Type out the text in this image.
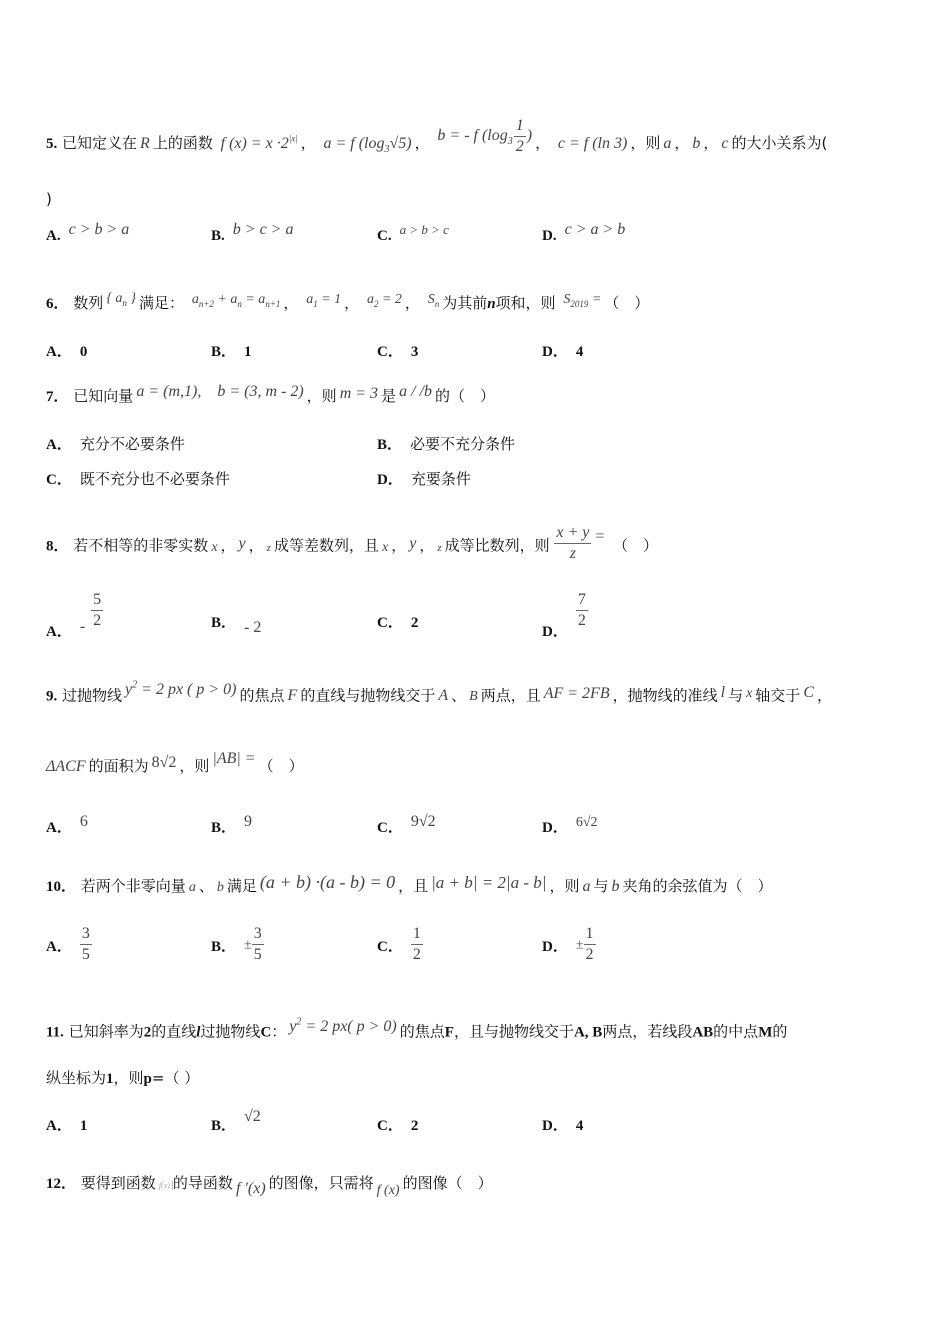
5. 已知定义在 R 上的函数 f $(x) = x \cdot 2^{|x|}$ ， a = f $(\log_3√5)$ ， b = - f ($\log_3 \frac{1}{2}$ ) ， c = f (ln 3) ，则 a ， b ， c 的大小关系为(
)
A. c > b > a	B. b > c > a	C. a > b > c	D. c > a > b
6． 数列 { $a_n$ } 满足： $a_{n+2} + a_n = a_{n+1}$ ， $a_1 = 1$ ， $a_2 = 2$ ， $S_n$ 为其前n项和，则 $S_{2019}$ = （　）
A． 0	B． 1	C． 3	D． 4
7． 已知向量 a = (m,1),　b = (3, m - 2) ，则 m = 3 是 a / /b 的（　）
A． 充分不必要条件	B． 必要不充分条件
C． 既不充分也不必要条件	D． 充要条件
8． 若不相等的非零实数 x ， y ， z 成等差数列，且 x ， y ， z 成等比数列，则 $\frac{x + y}{z}$ = （　）
A． - $\frac{5}{2}$	B． - 2	C． 2
D．
$\frac{7}{2}$
9. 过抛物线 $y^2 = 2$ px ( p > 0) 的焦点 F 的直线与抛物线交于 A 、 B 两点，且 AF = 2FB ，抛物线的准线 l 与 x 轴交于 C ，
ΔACF 的面积为 8√2 ，则 |AB| = （　）
A． 6	B． 9	C． 9√2	D． 6√2
10． 若两个非零向量 a 、 b 满足 (a + b) ·(a - b) = 0 ，且 |a + b| = 2|a - b| ，则 a 与 b 夹角的余弦值为（　）
A． $\frac{3}{5}$	B． ± $\frac{3}{5}$	C． $\frac{1}{2}$	D． ± $\frac{1}{2}$
11. 已知斜率为2的直线l过抛物线C： $y^2 = 2$ px( p > 0) 的焦点F，且与抛物线交于A, B两点，若线段AB的中点M的
纵坐标为1，则p=（ ）
A． 1	B．√2
C． 2	D． 4
12． 要得到函数 f(x) 的导函数 f ′(x) 的图像，只需将 f (x) 的图像（　）
